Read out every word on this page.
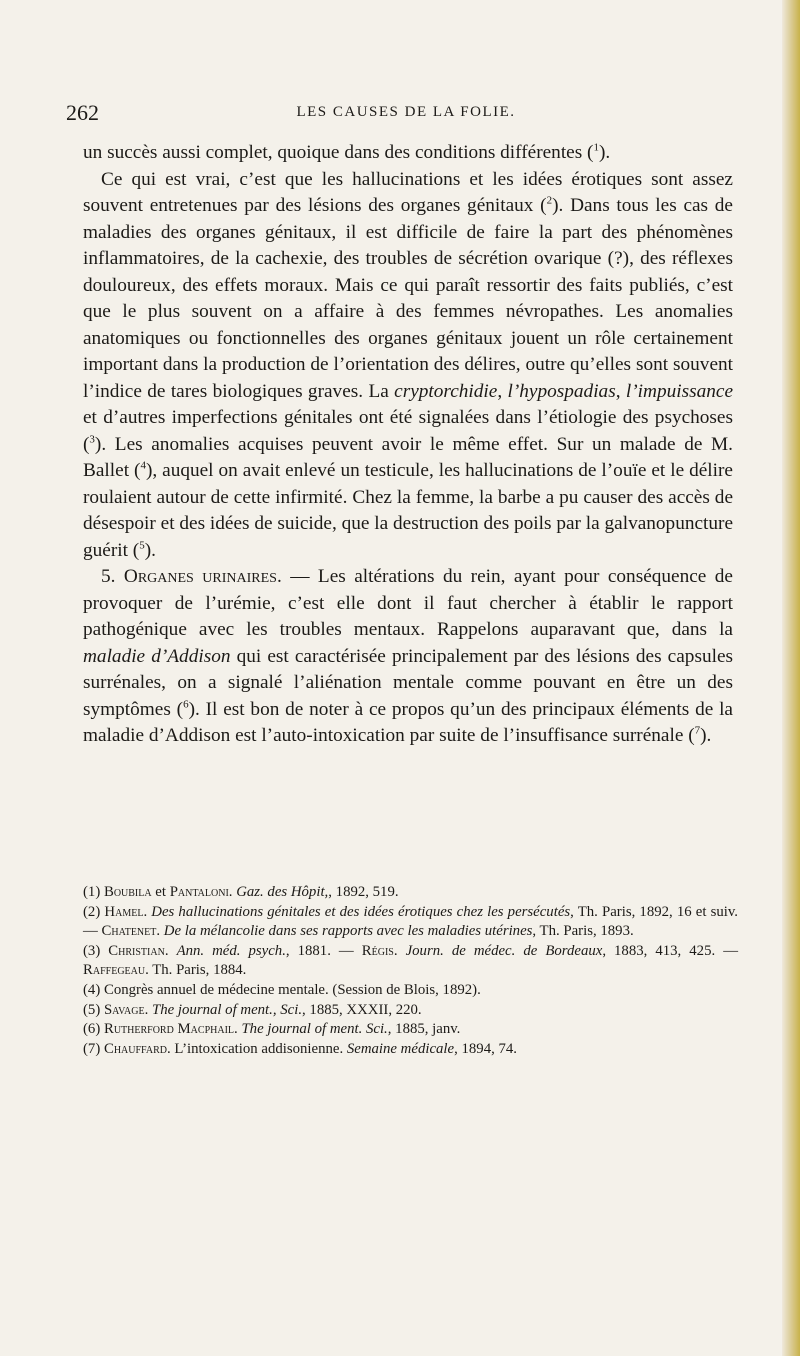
262	LES CAUSES DE LA FOLIE.

un succès aussi complet, quoique dans des conditions différentes ($^1$).

Ce qui est vrai, c’est que les hallucinations et les idées érotiques sont assez souvent entretenues par des lésions des organes génitaux ($^2$). Dans tous les cas de maladies des organes génitaux, il est difficile de faire la part des phénomènes inflammatoires, de la cachexie, des troubles de sécrétion ovarique (?), des réflexes douloureux, des effets moraux. Mais ce qui paraît ressortir des faits publiés, c’est que le plus souvent on a affaire à des femmes névropathes. Les anomalies anatomiques ou fonctionnelles des organes génitaux jouent un rôle certainement important dans la production de l’orientation des délires, outre qu’elles sont souvent l’indice de tares biologiques graves. La cryptorchidie, l’hypospadias, l’impuissance et d’autres imperfections génitales ont été signalées dans l’étiologie des psychoses ($^3$). Les anomalies acquises peuvent avoir le même effet. Sur un malade de M. Ballet ($^4$), auquel on avait enlevé un testicule, les hallucinations de l’ouïe et le délire roulaient autour de cette infirmité. Chez la femme, la barbe a pu causer des accès de désespoir et des idées de suicide, que la destruction des poils par la galvanopuncture guérit ($^5$).

5. Organes urinaires. — Les altérations du rein, ayant pour conséquence de provoquer de l’urémie, c’est elle dont il faut chercher à établir le rapport pathogénique avec les troubles mentaux. Rappelons auparavant que, dans la maladie d’Addison qui est caractérisée principalement par des lésions des capsules surrénales, on a signalé l’aliénation mentale comme pouvant en être un des symptômes ($^6$). Il est bon de noter à ce propos qu’un des principaux éléments de la maladie d’Addison est l’auto-intoxication par suite de l’insuffisance surrénale ($^7$).

(1) Boubila et Pantaloni. Gaz. des Hôpit,, 1892, 519.

(2) Hamel. Des hallucinations génitales et des idées érotiques chez les persécutés, Th. Paris, 1892, 16 et suiv. — Chatenet. De la mélancolie dans ses rapports avec les maladies utérines, Th. Paris, 1893.

(3) Christian. Ann. méd. psych., 1881. — Régis. Journ. de médec. de Bordeaux, 1883, 413, 425. — Raffegeau. Th. Paris, 1884.

(4) Congrès annuel de médecine mentale. (Session de Blois, 1892).

(5) Savage. The journal of ment., Sci., 1885, XXXII, 220.

(6) Rutherford Macphail. The journal of ment. Sci., 1885, janv.

(7) Chauffard. L’intoxication addisonienne. Semaine médicale, 1894, 74.
